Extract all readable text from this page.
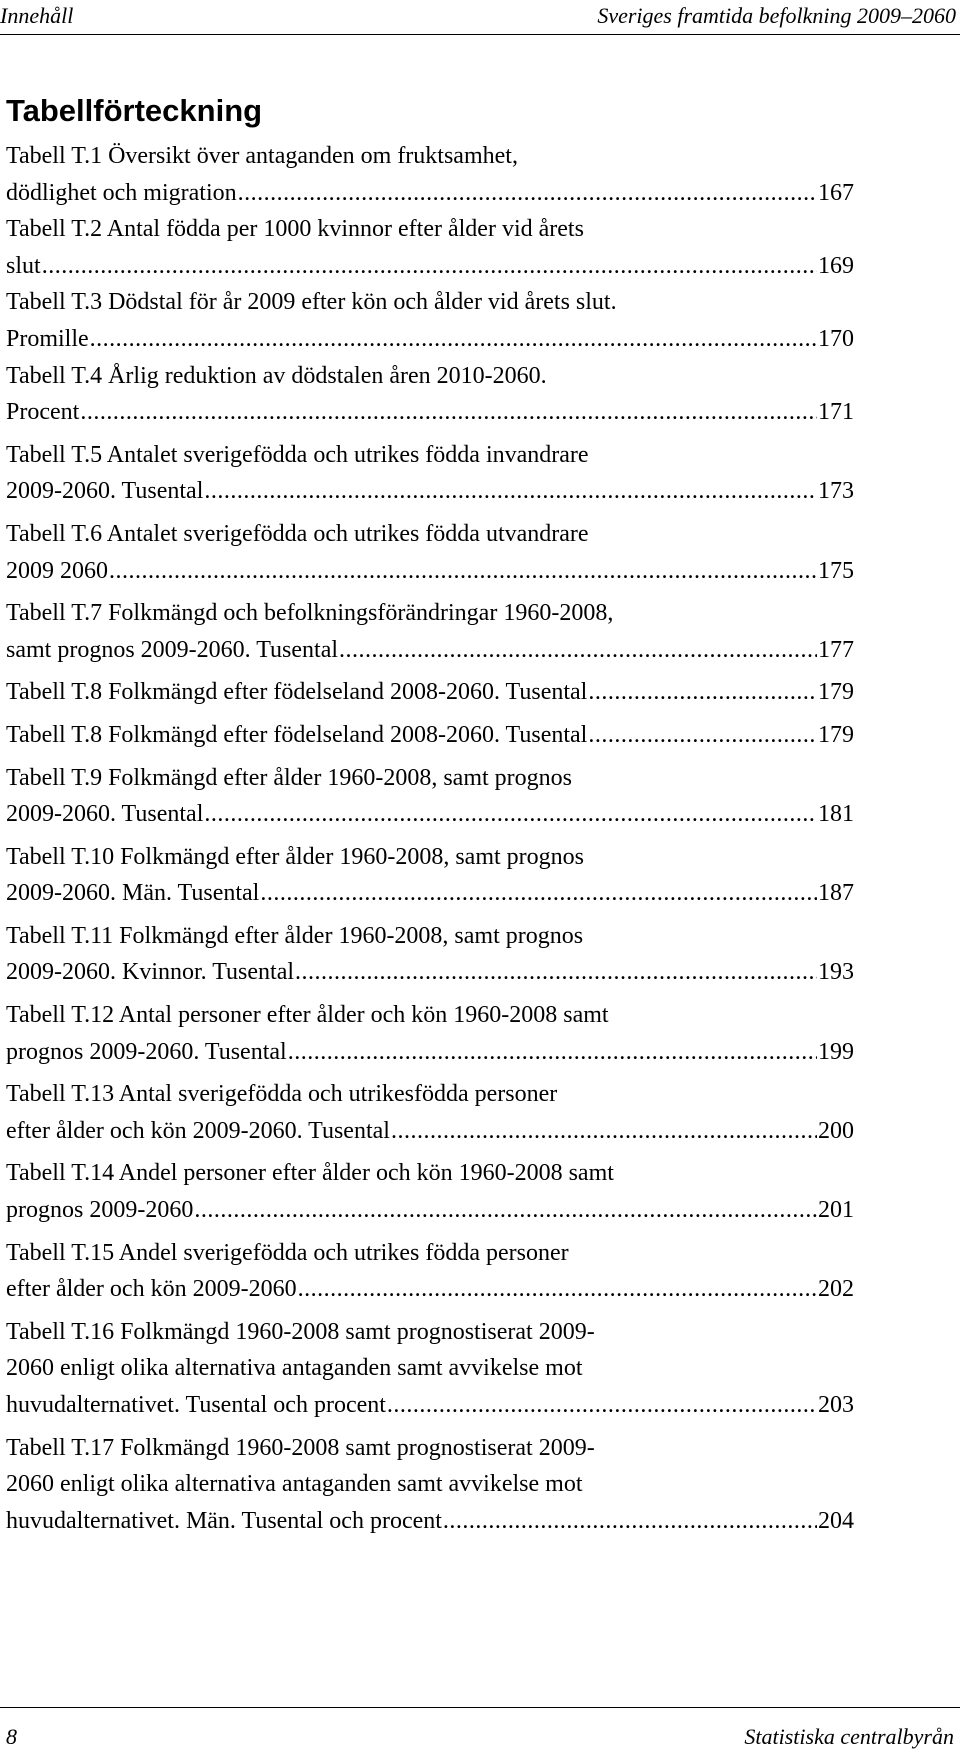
Innehåll	Sveriges framtida befolkning 2009–2060
Tabellförteckning
Tabell T.1 Översikt över antaganden om fruktsamhet,
dödlighet och migration .....	167
Tabell T.2 Antal födda per 1000 kvinnor efter ålder vid årets
slut .....	169
Tabell T.3 Dödstal för år 2009 efter kön och ålder vid årets slut.
Promille .....	170
Tabell T.4 Årlig reduktion av dödstalen åren 2010-2060.
Procent .....	171
Tabell T.5 Antalet sverigefödda och utrikes födda invandrare
2009-2060. Tusental .....	173
Tabell T.6 Antalet sverigefödda och utrikes födda utvandrare
2009 2060 .....	175
Tabell T.7 Folkmängd och befolkningsförändringar 1960-2008,
samt prognos 2009-2060. Tusental .....	177
Tabell T.8 Folkmängd efter födelseland 2008-2060. Tusental .....	179
Tabell T.8 Folkmängd efter födelseland 2008-2060. Tusental .....	179
Tabell T.9 Folkmängd efter ålder 1960-2008, samt prognos
2009-2060. Tusental .....	181
Tabell T.10 Folkmängd efter ålder 1960-2008, samt prognos
2009-2060. Män. Tusental .....	187
Tabell T.11 Folkmängd efter ålder 1960-2008, samt prognos
2009-2060. Kvinnor. Tusental .....	193
Tabell T.12 Antal personer efter ålder och kön 1960-2008 samt
prognos 2009-2060. Tusental .....	199
Tabell T.13 Antal sverigefödda och utrikesfödda personer
efter ålder och kön 2009-2060. Tusental .....	200
Tabell T.14 Andel personer efter ålder och kön 1960-2008 samt
prognos 2009-2060 .....	201
Tabell T.15 Andel sverigefödda och utrikes födda personer
efter ålder och kön 2009-2060 .....	202
Tabell T.16 Folkmängd 1960-2008 samt prognostiserat 2009-
2060 enligt olika alternativa antaganden samt avvikelse mot
huvudalternativet. Tusental och procent .....	203
Tabell T.17 Folkmängd 1960-2008 samt prognostiserat 2009-
2060 enligt olika alternativa antaganden samt avvikelse mot
huvudalternativet. Män. Tusental och procent .....	204
8	Statistiska centralbyrån
